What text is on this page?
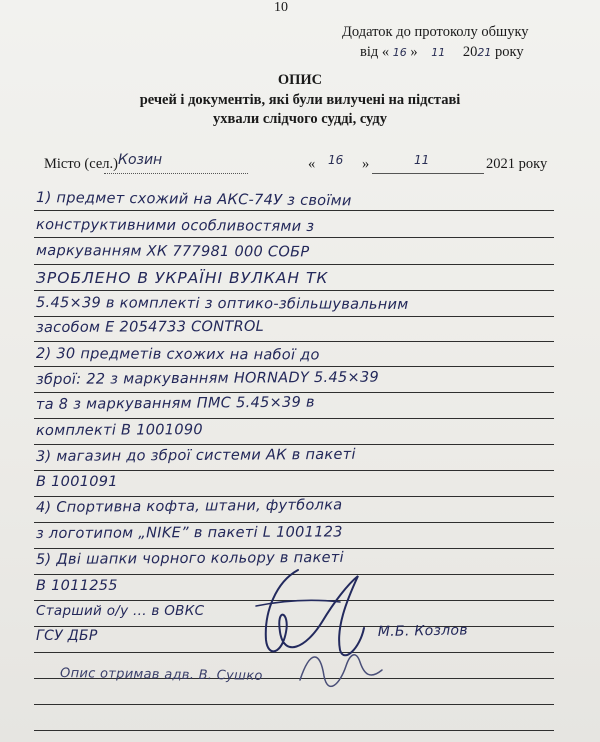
10
Додаток до протоколу обшуку
від « 16 » 11 2021 року
ОПИС
речей і документів, які були вилучені на підставі
ухвали слідчого судді, суду
Місто (сел.) Козин	« 16 »	11	2021 року
1) предмет схожий на АКС-74У з своїми
конструктивними особливостями з
маркуванням ХК 777981 000 СОБР
ЗРОБЛЕНО В УКРАЇНІ ВУЛКАН ТК
5.45×39 в комплекті з оптико-збільшувальним
засобом Е 2054733 CONTROL
2) 30 предметів схожих на набої до
зброї: 22 з маркуванням HORNADY 5.45×39
та 8 з маркуванням ПМС 5.45×39 в
комплекті В 1001090
3) магазин до зброї системи АК в пакеті
В 1001091
4) Спортивна кофта, штани, футболка
з логотипом „NIKE” в пакеті L 1001123
5) Дві шапки чорного кольору в пакеті
В 1011255
Старший о/у ... в ОВКС
ГСУ ДБР	М.Б. Козлов
Опис отримав адв. В. Сушко
